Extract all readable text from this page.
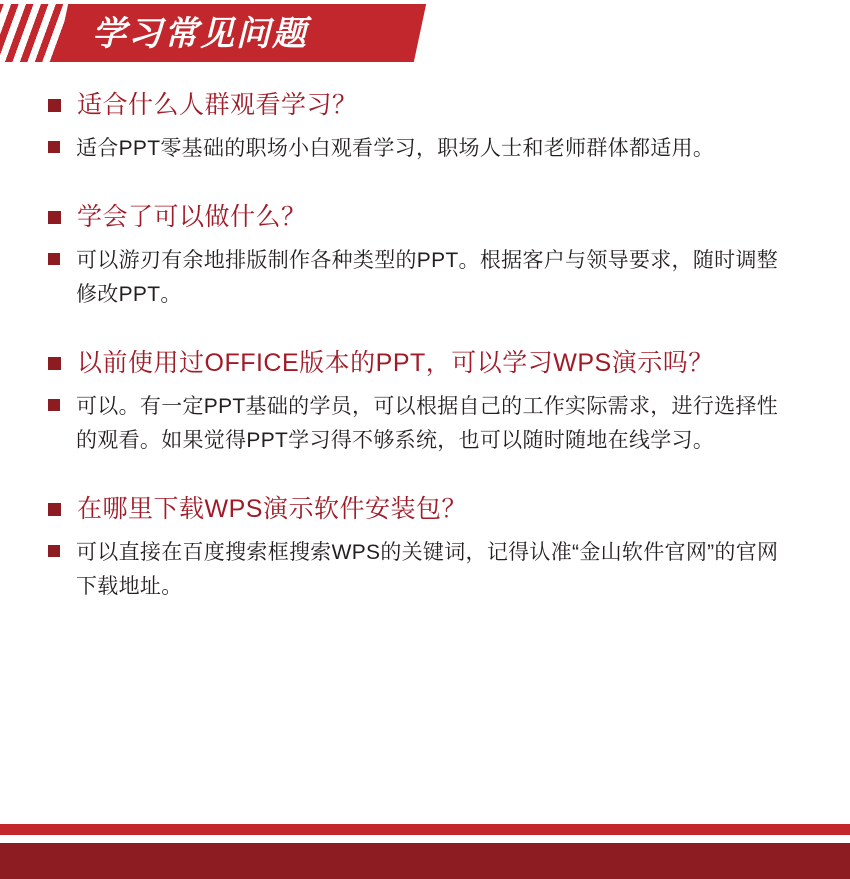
学习常见问题
适合什么人群观看学习？
适合PPT零基础的职场小白观看学习，职场人士和老师群体都适用。
学会了可以做什么？
可以游刃有余地排版制作各种类型的PPT。根据客户与领导要求，随时调整修改PPT。
以前使用过OFFICE版本的PPT，可以学习WPS演示吗？
可以。有一定PPT基础的学员，可以根据自己的工作实际需求，进行选择性的观看。如果觉得PPT学习得不够系统，也可以随时随地在线学习。
在哪里下载WPS演示软件安装包？
可以直接在百度搜索框搜索WPS的关键词，记得认准“金山软件官网”的官网下载地址。
